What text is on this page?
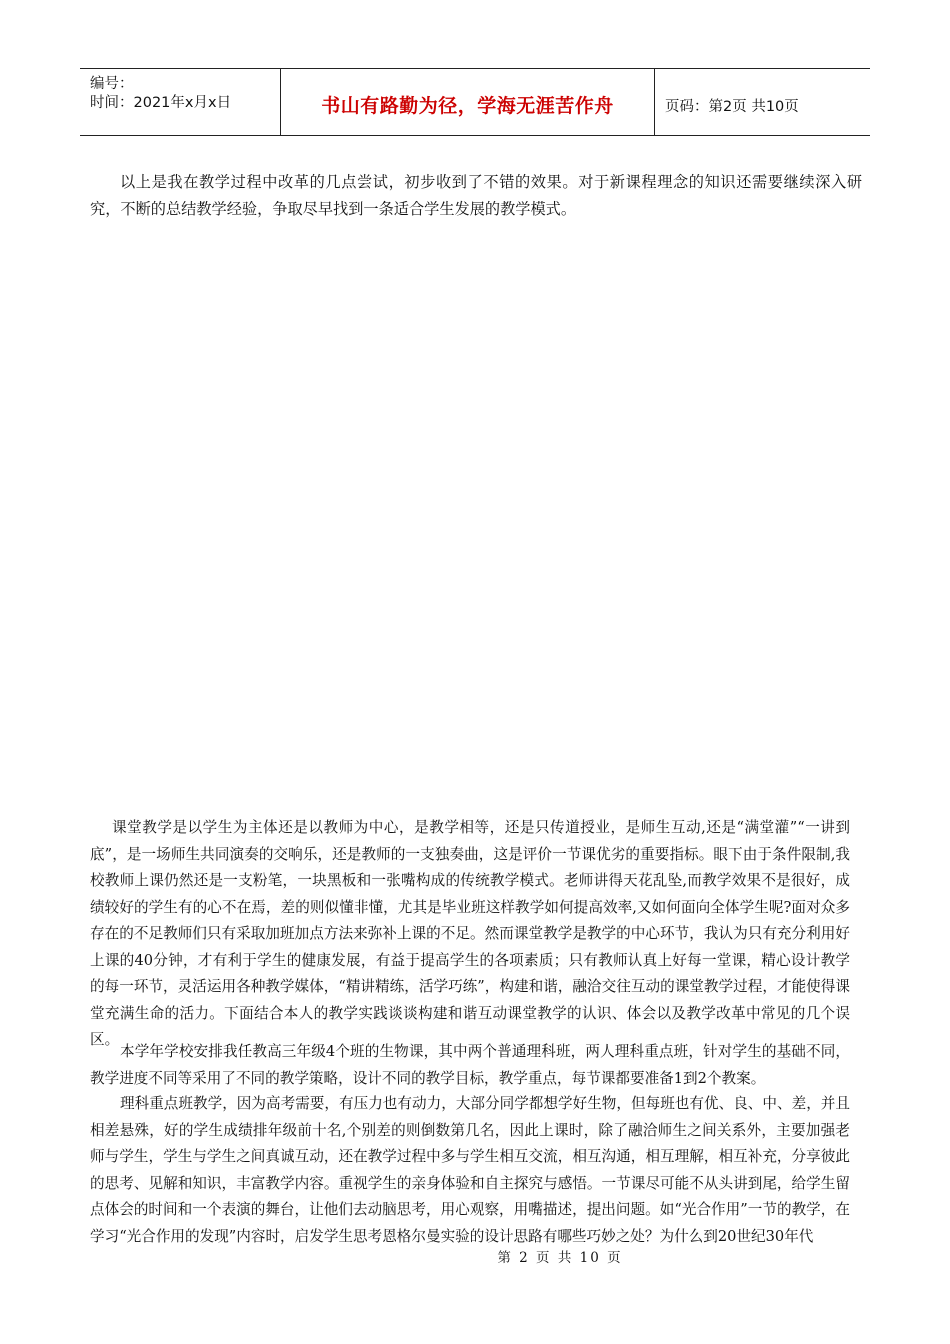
编号：
时间：2021年x月x日	书山有路勤为径，学海无涯苦作舟	页码：第2页 共10页

以上是我在教学过程中改革的几点尝试，初步收到了不错的效果。对于新课程理念的知识还需要继续深入研究，不断的总结教学经验，争取尽早找到一条适合学生发展的教学模式。

课堂教学是以学生为主体还是以教师为中心，是教学相等，还是只传道授业，是师生互动,还是“满堂灌”“一讲到底”，是一场师生共同演奏的交响乐，还是教师的一支独奏曲，这是评价一节课优劣的重要指标。眼下由于条件限制,我校教师上课仍然还是一支粉笔，一块黑板和一张嘴构成的传统教学模式。老师讲得天花乱坠,而教学效果不是很好，成绩较好的学生有的心不在焉，差的则似懂非懂，尤其是毕业班这样教学如何提高效率,又如何面向全体学生呢?面对众多存在的不足教师们只有采取加班加点方法来弥补上课的不足。然而课堂教学是教学的中心环节，我认为只有充分利用好上课的40分钟，才有利于学生的健康发展，有益于提高学生的各项素质；只有教师认真上好每一堂课，精心设计教学的每一环节，灵活运用各种教学媒体，“精讲精练，活学巧练”，构建和谐，融洽交往互动的课堂教学过程，才能使得课堂充满生命的活力。下面结合本人的教学实践谈谈构建和谐互动课堂教学的认识、体会以及教学改革中常见的几个误区。

本学年学校安排我任教高三年级4个班的生物课，其中两个普通理科班，两人理科重点班，针对学生的基础不同，教学进度不同等采用了不同的教学策略，设计不同的教学目标，教学重点，每节课都要准备1到2个教案。

理科重点班教学，因为高考需要，有压力也有动力，大部分同学都想学好生物，但每班也有优、良、中、差，并且相差悬殊，好的学生成绩排年级前十名,个别差的则倒数第几名，因此上课时，除了融洽师生之间关系外，主要加强老师与学生，学生与学生之间真诚互动，还在教学过程中多与学生相互交流，相互沟通，相互理解，相互补充，分享彼此的思考、见解和知识，丰富教学内容。重视学生的亲身体验和自主探究与感悟。一节课尽可能不从头讲到尾，给学生留点体会的时间和一个表演的舞台，让他们去动脑思考，用心观察，用嘴描述，提出问题。如“光合作用”一节的教学，在学习“光合作用的发现”内容时，启发学生思考恩格尔曼实验的设计思路有哪些巧妙之处？为什么到20世纪30年代

第 2 页 共 10 页
